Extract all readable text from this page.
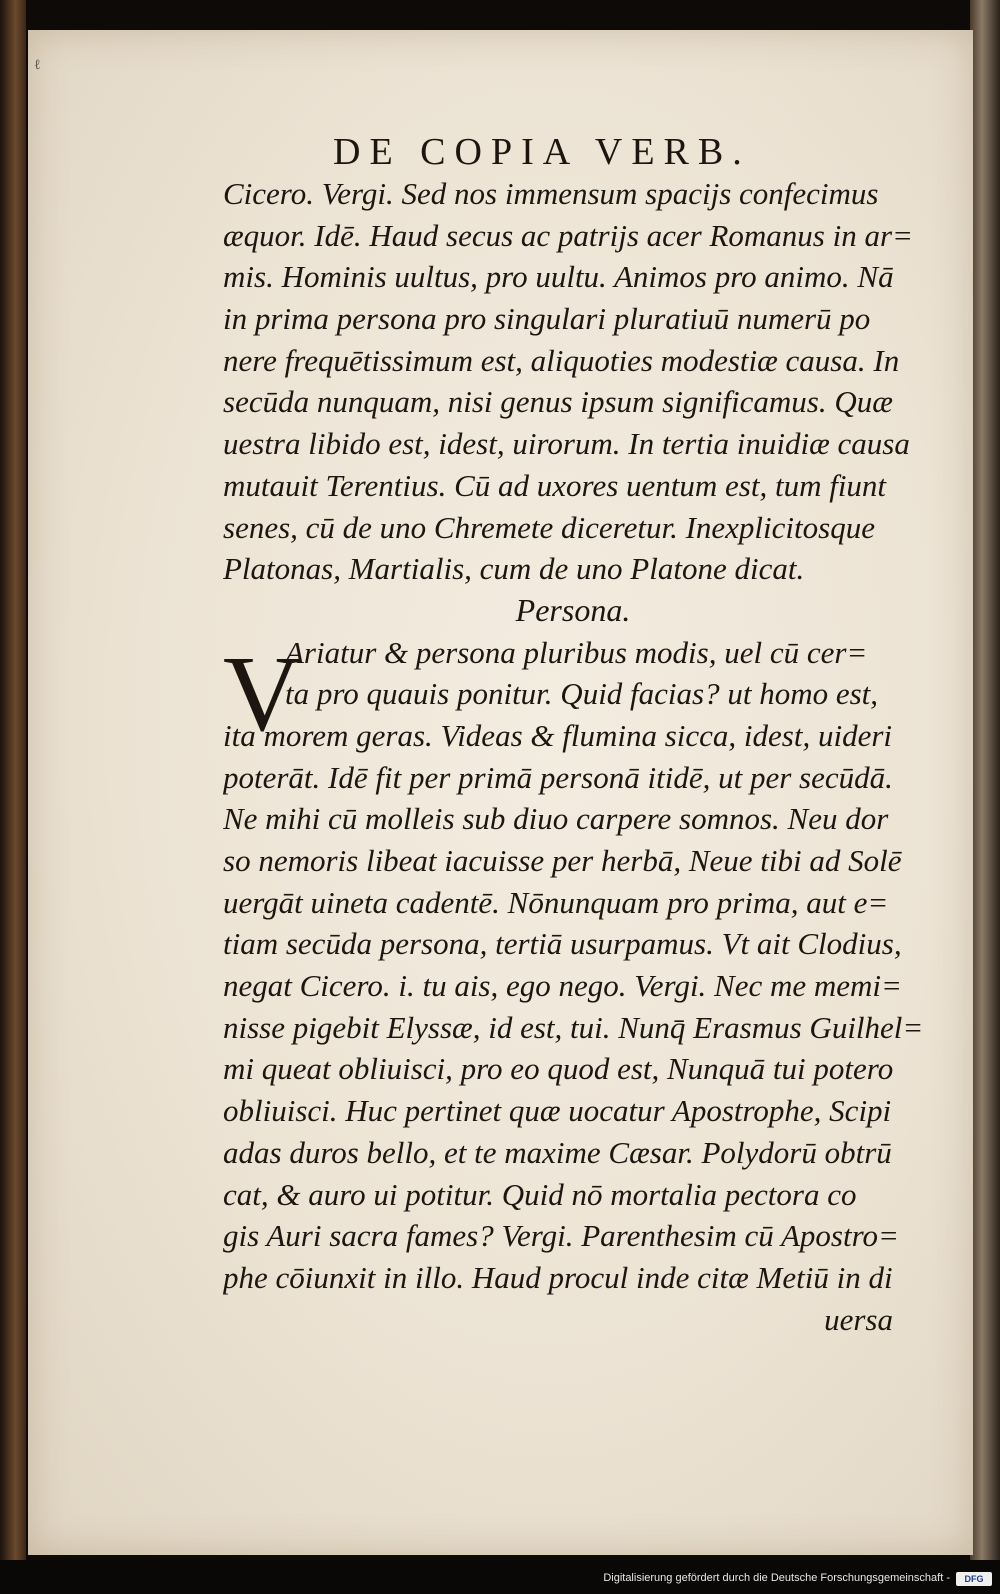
ℓ
DE COPIA VERB.
V
Cicero. Vergi. Sed nos immensum spacijs confecimus
æquor. Idē. Haud secus ac patrijs acer Romanus in ar=
mis. Hominis uultus, pro uultu. Animos pro animo. Nā
in prima persona pro singulari pluratiuū numerū po
nere frequētissimum est, aliquoties modestiæ causa. In
secūda nunquam, nisi genus ipsum significamus. Quæ
uestra libido est, idest, uirorum. In tertia inuidiæ causa
mutauit Terentius. Cū ad uxores uentum est, tum fiunt
senes, cū de uno Chremete diceretur. Inexplicitosque
Platonas, Martialis, cum de uno Platone dicat.
Persona.
Ariatur & persona pluribus modis, uel cū cer=
ta pro quauis ponitur. Quid facias? ut homo est,
ita morem geras. Videas & flumina sicca, idest, uideri
poterāt. Idē fit per primā personā itidē, ut per secūdā.
Ne mihi cū molleis sub diuo carpere somnos. Neu dor
so nemoris libeat iacuisse per herbā, Neue tibi ad Solē
uergāt uineta cadentē. Nōnunquam pro prima, aut e=
tiam secūda persona, tertiā usurpamus. Vt ait Clodius,
negat Cicero. i. tu ais, ego nego. Vergi. Nec me memi=
nisse pigebit Elyssæ, id est, tui. Nunq̄ Erasmus Guilhel=
mi queat obliuisci, pro eo quod est, Nunquā tui potero
obliuisci. Huc pertinet quæ uocatur Apostrophe, Scipi
adas duros bello, et te maxime Cæsar. Polydorū obtrū
cat, & auro ui potitur. Quid nō mortalia pectora co
gis Auri sacra fames? Vergi. Parenthesim cū Apostro=
phe cōiunxit in illo. Haud procul inde citæ Metiū in di
uersa
Digitalisierung gefördert durch die Deutsche Forschungsgemeinschaft -	DFG
